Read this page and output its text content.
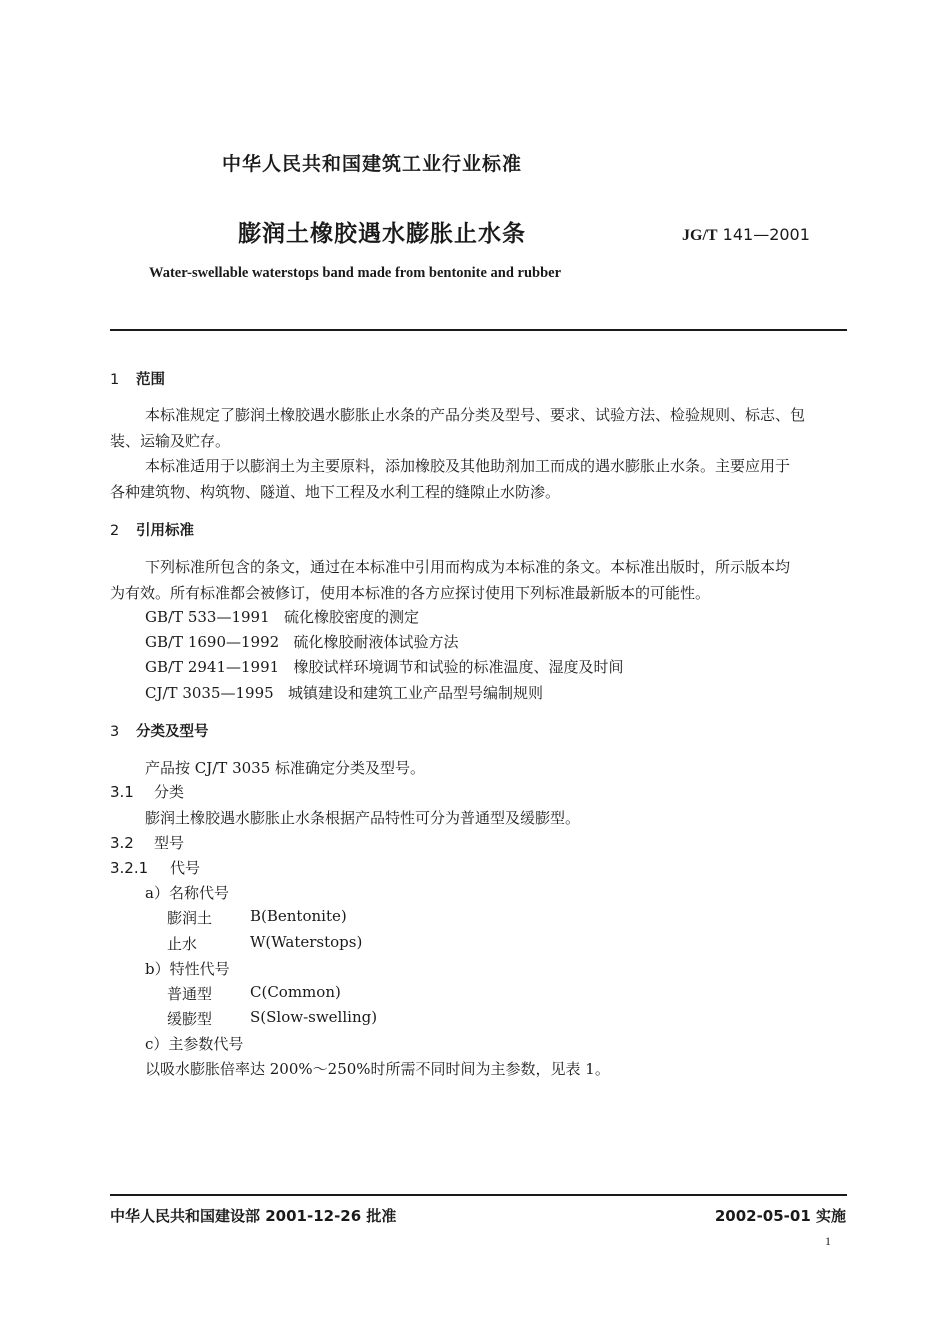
中华人民共和国建筑工业行业标准
膨润土橡胶遇水膨胀止水条	JG/T 141—2001
Water-swellable waterstops band made from bentonite and rubber
1 范围
本标准规定了膨润土橡胶遇水膨胀止水条的产品分类及型号、要求、试验方法、检验规则、标志、包
装、运输及贮存。
本标准适用于以膨润土为主要原料，添加橡胶及其他助剂加工而成的遇水膨胀止水条。主要应用于
各种建筑物、构筑物、隧道、地下工程及水利工程的缝隙止水防渗。
2 引用标准
下列标准所包含的条文，通过在本标准中引用而构成为本标准的条文。本标准出版时，所示版本均
为有效。所有标准都会被修订，使用本标准的各方应探讨使用下列标准最新版本的可能性。
GB/T 533—1991 硫化橡胶密度的测定
GB/T 1690—1992 硫化橡胶耐液体试验方法
GB/T 2941—1991 橡胶试样环境调节和试验的标准温度、湿度及时间
CJ/T 3035—1995 城镇建设和建筑工业产品型号编制规则
3 分类及型号
产品按 CJ/T 3035 标准确定分类及型号。
3.1 分类
膨润土橡胶遇水膨胀止水条根据产品特性可分为普通型及缓膨型。
3.2 型号
3.2.1 代号
a）名称代号
膨润土	B(Bentonite)
止水	W(Waterstops)
b）特性代号
普通型	C(Common)
缓膨型	S(Slow-swelling)
c）主参数代号
以吸水膨胀倍率达 200%～250%时所需不同时间为主参数，见表 1。
中华人民共和国建设部 2001-12-26 批准	2002-05-01 实施
1
